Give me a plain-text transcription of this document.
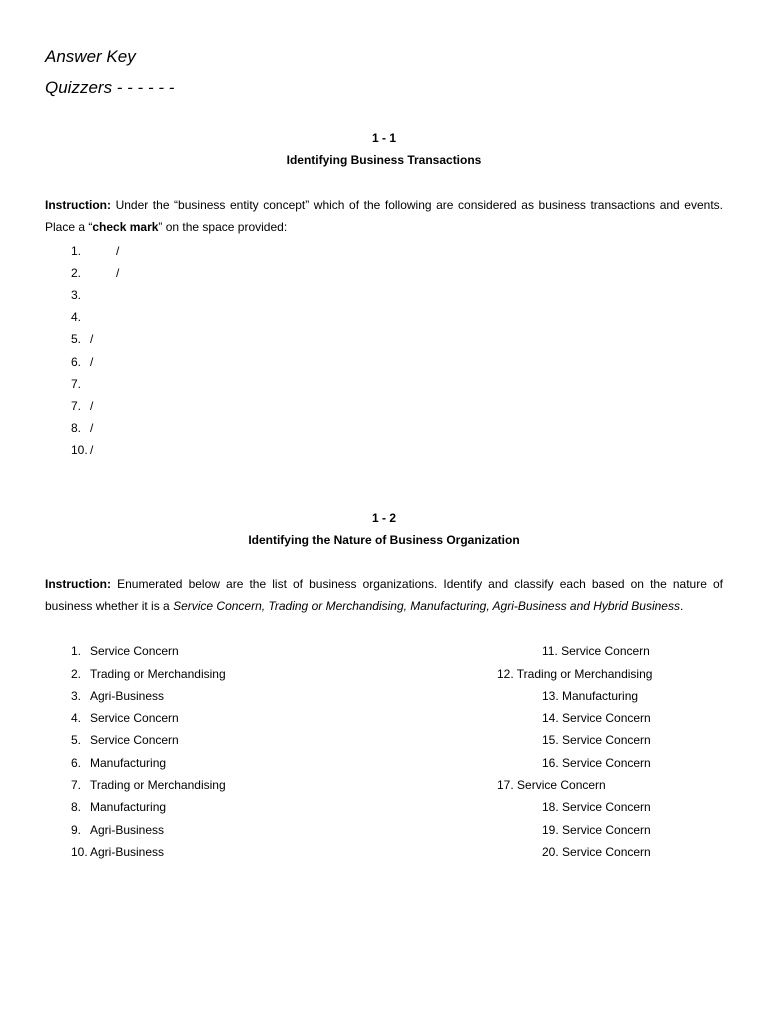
Answer Key
Quizzers - - - - - -

1 - 1

Identifying Business Transactions

Instruction: Under the “business entity concept” which of the following are considered as business transactions and events. Place a “check mark” on the space provided:

1.	/
2.	/
3.
4.
5. /
6. /
7.
7. /
8. /
10. /

1 - 2

Identifying the Nature of Business Organization

Instruction: Enumerated below are the list of business organizations. Identify and classify each based on the nature of business whether it is a Service Concern, Trading or Merchandising, Manufacturing, Agri-Business and Hybrid Business.

1. Service Concern
2. Trading or Merchandising
3. Agri-Business
4. Service Concern
5. Service Concern
6. Manufacturing
7. Trading or Merchandising
8. Manufacturing
9. Agri-Business
10. Agri-Business
11. Service Concern
12. Trading or Merchandising
13. Manufacturing
14. Service Concern
15. Service Concern
16. Service Concern
17. Service Concern
18. Service Concern
19. Service Concern
20. Service Concern
